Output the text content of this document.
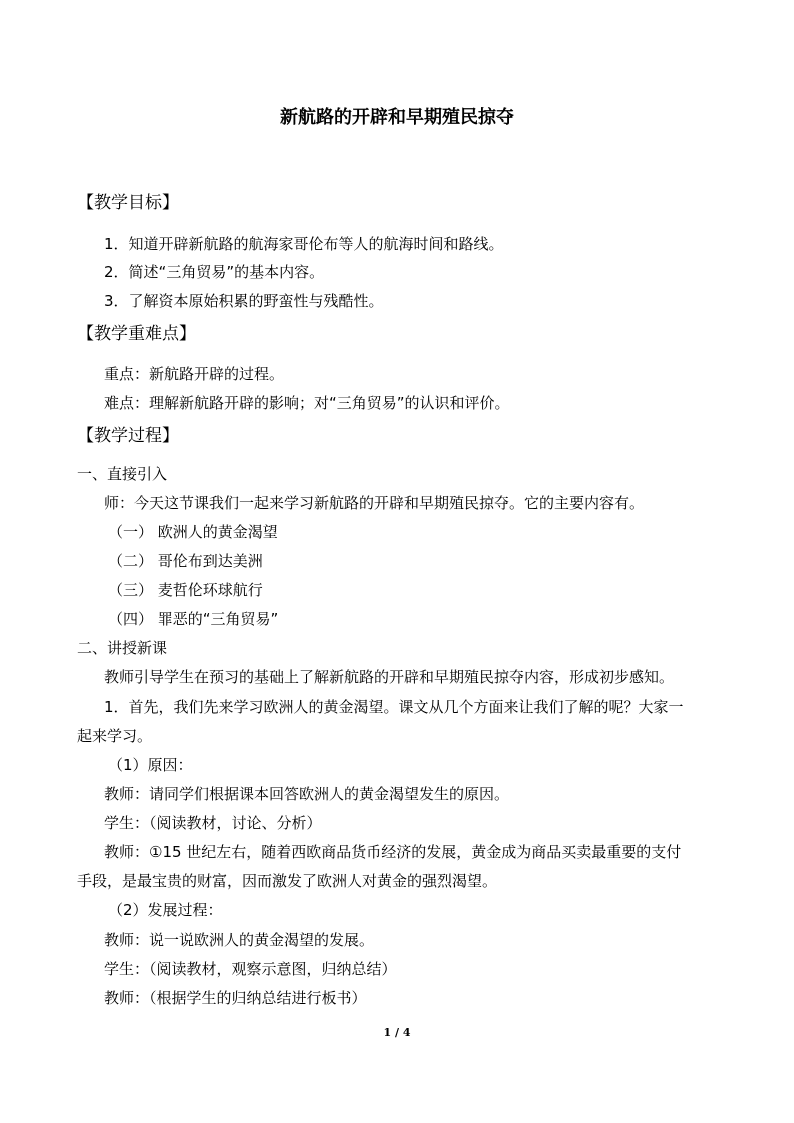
新航路的开辟和早期殖民掠夺
【教学目标】
1．知道开辟新航路的航海家哥伦布等人的航海时间和路线。
2．简述“三角贸易”的基本内容。
3．了解资本原始积累的野蛮性与残酷性。
【教学重难点】
重点：新航路开辟的过程。
难点：理解新航路开辟的影响；对“三角贸易”的认识和评价。
【教学过程】
一、直接引入
师：今天这节课我们一起来学习新航路的开辟和早期殖民掠夺。它的主要内容有。
（一） 欧洲人的黄金渴望
（二） 哥伦布到达美洲
（三） 麦哲伦环球航行
（四） 罪恶的“三角贸易”
二、讲授新课
教师引导学生在预习的基础上了解新航路的开辟和早期殖民掠夺内容，形成初步感知。
1．首先，我们先来学习欧洲人的黄金渴望。课文从几个方面来让我们了解的呢？大家一
起来学习。
（1）原因：
教师：请同学们根据课本回答欧洲人的黄金渴望发生的原因。
学生：（阅读教材，讨论、分析）
教师：①15 世纪左右，随着西欧商品货币经济的发展，黄金成为商品买卖最重要的支付
手段，是最宝贵的财富，因而激发了欧洲人对黄金的强烈渴望。
（2）发展过程：
教师：说一说欧洲人的黄金渴望的发展。
学生：（阅读教材，观察示意图，归纳总结）
教师：（根据学生的归纳总结进行板书）
1 / 4
